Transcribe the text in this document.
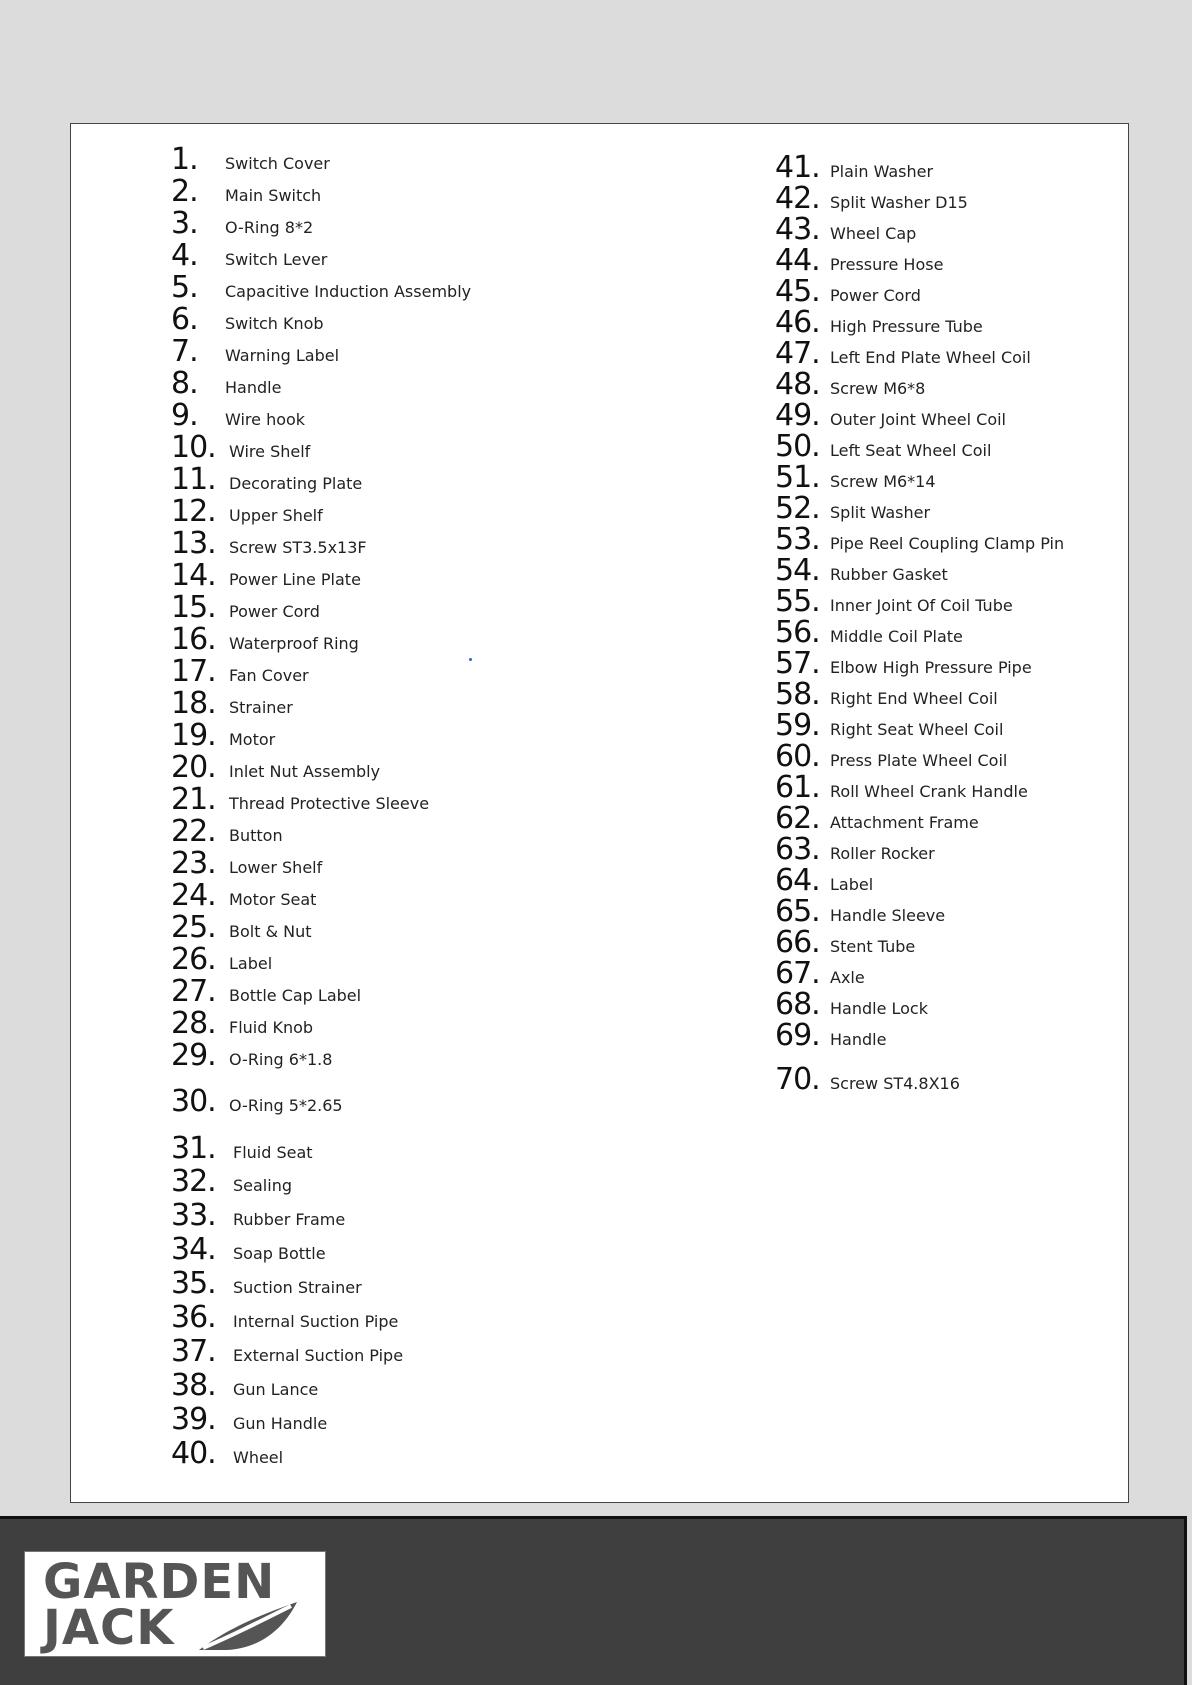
1.	Switch Cover
2.	Main Switch
3.	O-Ring 8*2
4.	Switch Lever
5.	Capacitive Induction Assembly
6.	Switch Knob
7.	Warning Label
8.	Handle
9.	Wire hook
10. Wire Shelf
11. Decorating Plate
12. Upper Shelf
13. Screw ST3.5x13F
14. Power Line Plate
15. Power Cord
16. Waterproof Ring
17. Fan Cover
18. Strainer
19. Motor
20. Inlet Nut Assembly
21. Thread Protective Sleeve
22. Button
23. Lower Shelf
24. Motor Seat
25. Bolt & Nut
26. Label
27. Bottle Cap Label
28. Fluid Knob
29. O-Ring 6*1.8
30. O-Ring 5*2.65
31.	Fluid Seat
32.	Sealing
33.	Rubber Frame
34.	Soap Bottle
35.	Suction Strainer
36.	Internal Suction Pipe
37.	External Suction Pipe
38.	Gun Lance
39.	Gun Handle
40.	Wheel
41. Plain Washer
42. Split Washer D15
43. Wheel Cap
44. Pressure Hose
45. Power Cord
46. High Pressure Tube
47. Left End Plate Wheel Coil
48. Screw M6*8
49. Outer Joint Wheel Coil
50. Left Seat Wheel Coil
51. Screw M6*14
52. Split Washer
53. Pipe Reel Coupling Clamp Pin
54. Rubber Gasket
55. Inner Joint Of Coil Tube
56. Middle Coil Plate
57. Elbow High Pressure Pipe
58. Right End Wheel Coil
59. Right Seat Wheel Coil
60. Press Plate Wheel Coil
61. Roll Wheel Crank Handle
62. Attachment Frame
63. Roller Rocker
64. Label
65. Handle Sleeve
66. Stent Tube
67. Axle
68. Handle Lock
69. Handle
70. Screw ST4.8X16
GARDEN
JACK
